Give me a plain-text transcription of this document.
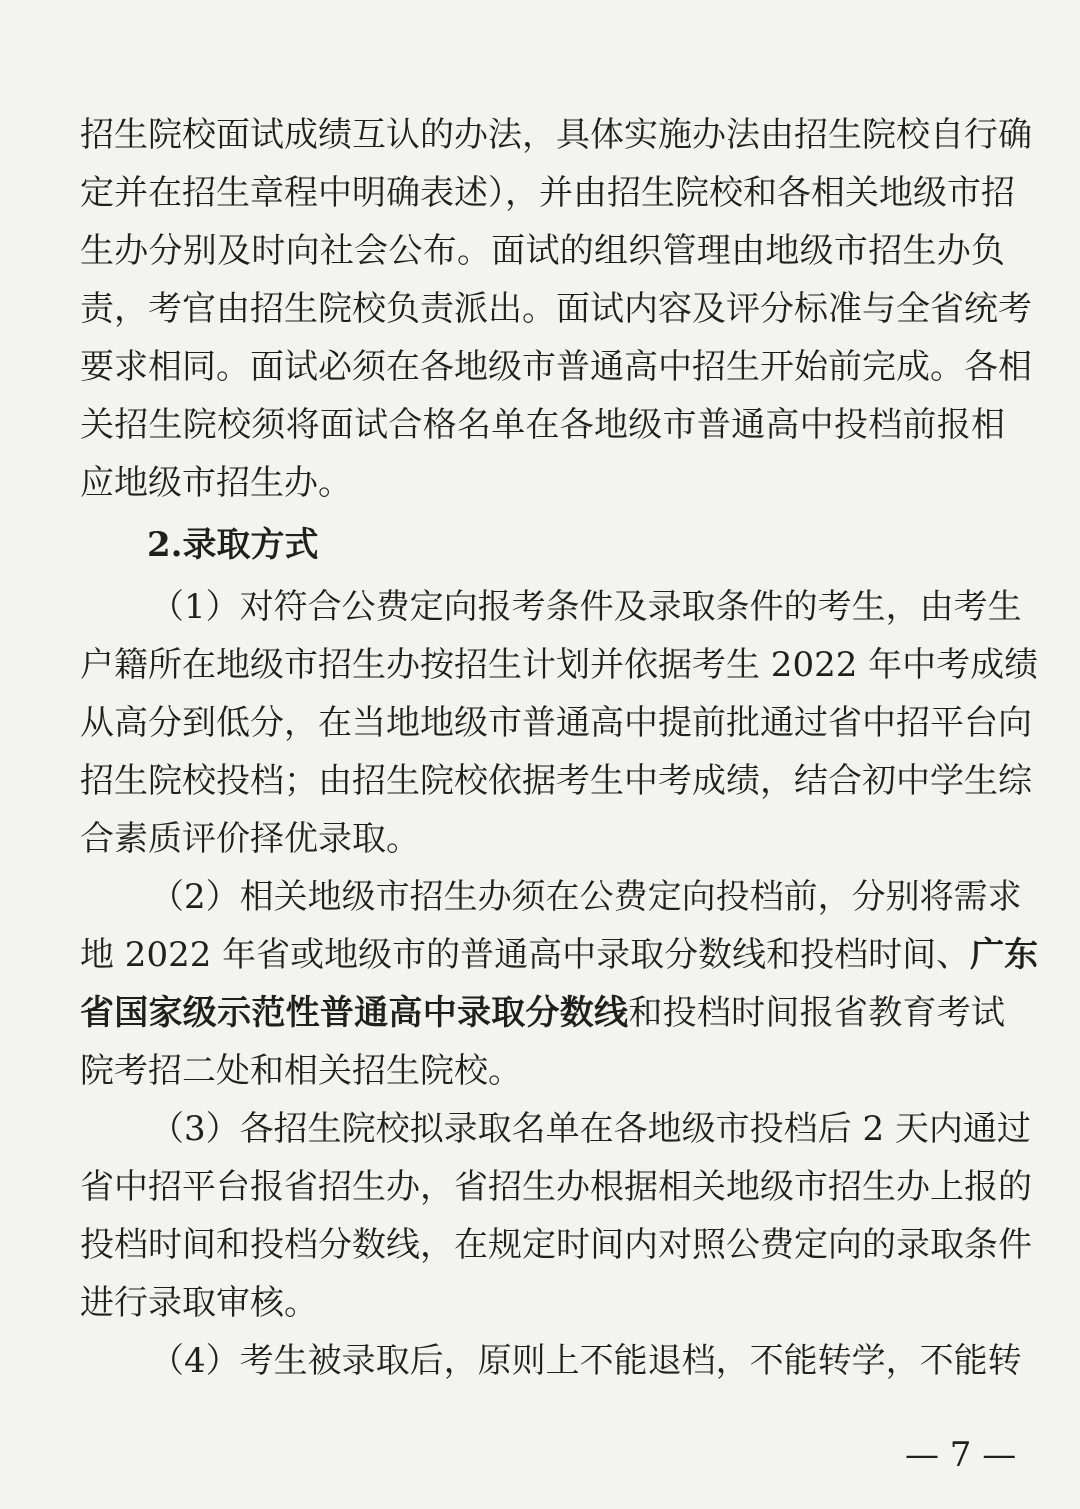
招生院校面试成绩互认的办法，具体实施办法由招生院校自行确
定并在招生章程中明确表述），并由招生院校和各相关地级市招
生办分别及时向社会公布。面试的组织管理由地级市招生办负
责，考官由招生院校负责派出。面试内容及评分标准与全省统考
要求相同。面试必须在各地级市普通高中招生开始前完成。各相
关招生院校须将面试合格名单在各地级市普通高中投档前报相
应地级市招生办。
2.录取方式
（1）对符合公费定向报考条件及录取条件的考生，由考生
户籍所在地级市招生办按招生计划并依据考生 2022 年中考成绩
从高分到低分，在当地地级市普通高中提前批通过省中招平台向
招生院校投档；由招生院校依据考生中考成绩，结合初中学生综
合素质评价择优录取。
（2）相关地级市招生办须在公费定向投档前，分别将需求
地 2022 年省或地级市的普通高中录取分数线和投档时间、广东
省国家级示范性普通高中录取分数线和投档时间报省教育考试
院考招二处和相关招生院校。
（3）各招生院校拟录取名单在各地级市投档后 2 天内通过
省中招平台报省招生办，省招生办根据相关地级市招生办上报的
投档时间和投档分数线，在规定时间内对照公费定向的录取条件
进行录取审核。
（4）考生被录取后，原则上不能退档，不能转学，不能转
— 7 —
